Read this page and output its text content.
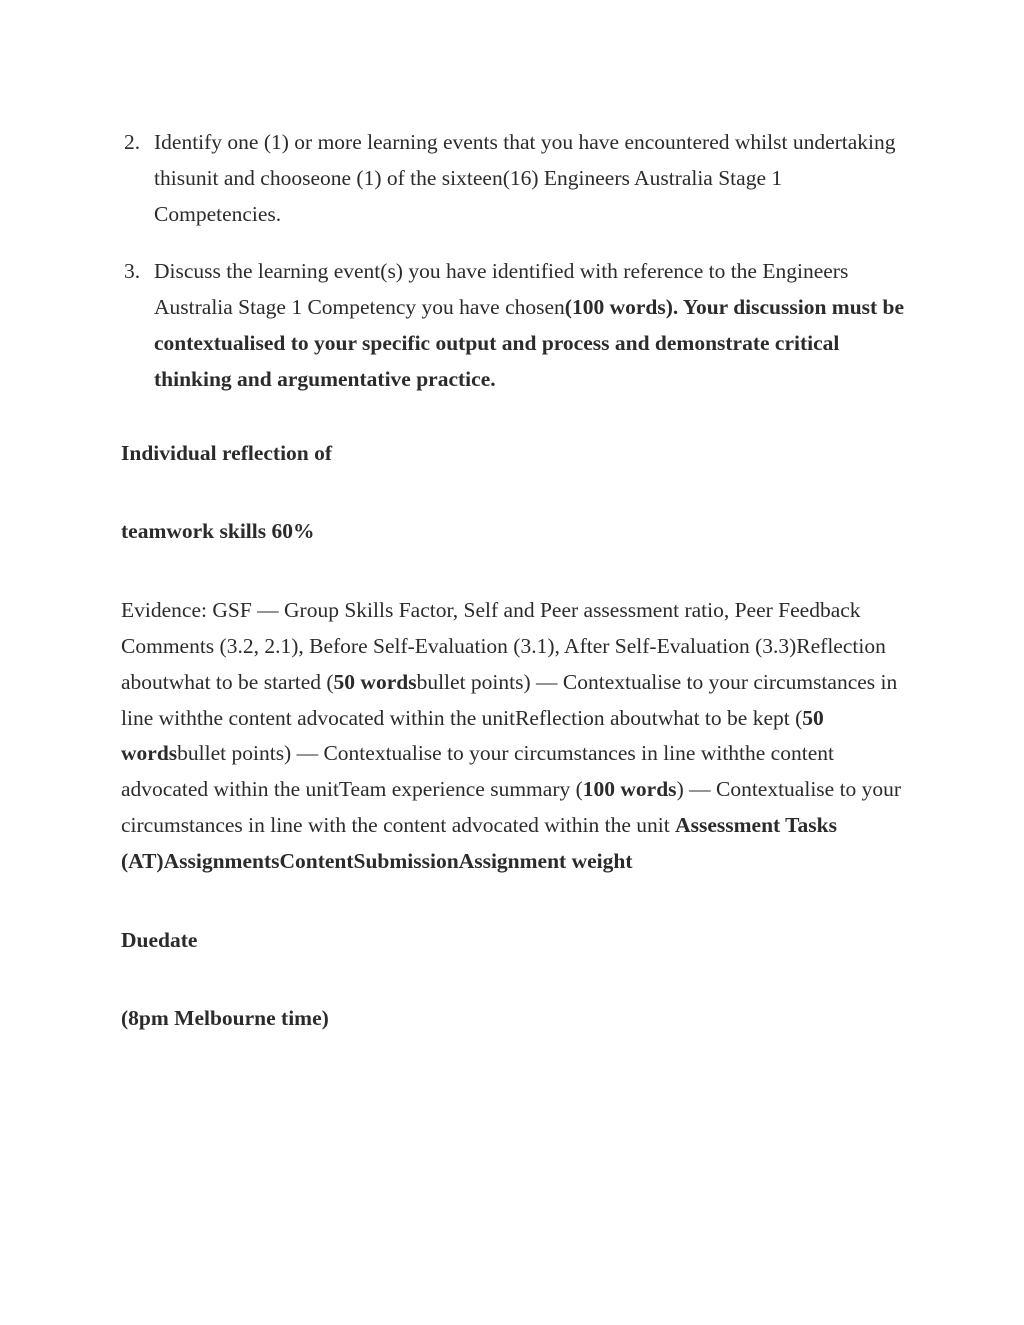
2. Identify one (1) or more learning events that you have encountered whilst undertaking thisunit and chooseone (1) of the sixteen(16) Engineers Australia Stage 1 Competencies.
3. Discuss the learning event(s) you have identified with reference to the Engineers Australia Stage 1 Competency you have chosen(100 words). Your discussion must be contextualised to your specific output and process and demonstrate critical thinking and argumentative practice.

Individual reflection of

teamwork skills 60%

Evidence: GSF — Group Skills Factor, Self and Peer assessment ratio, Peer Feedback Comments (3.2, 2.1), Before Self-Evaluation (3.1), After Self-Evaluation (3.3)Reflection aboutwhat to be started (50 wordsbullet points) — Contextualise to your circumstances in line withthe content advocated within the unitReflection aboutwhat to be kept (50 wordsbullet points) — Contextualise to your circumstances in line withthe content advocated within the unitTeam experience summary (100 words) — Contextualise to your circumstances in line with the content advocated within the unit Assessment Tasks (AT)AssignmentsContentSubmissionAssignment weight

Duedate

(8pm Melbourne time)
